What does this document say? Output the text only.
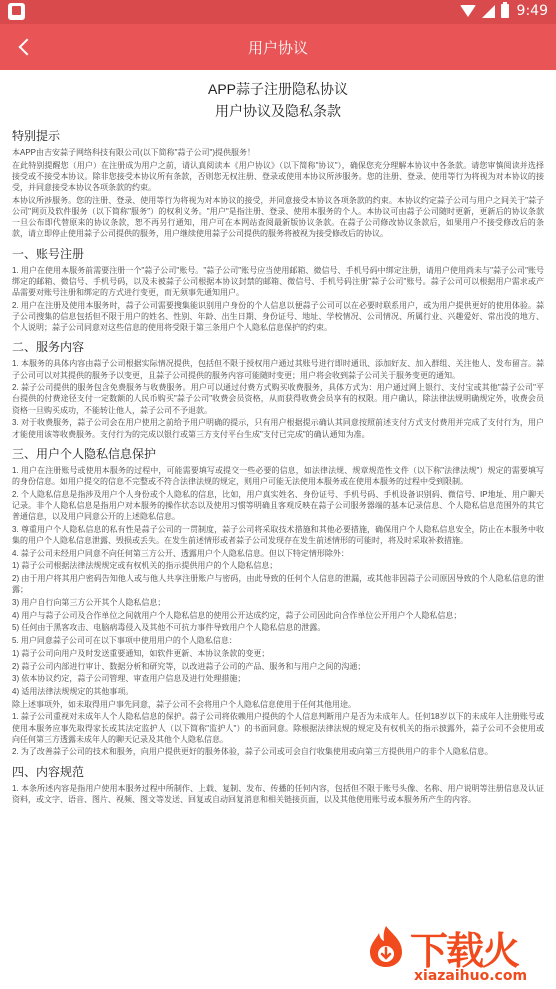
9:49
用户协议
APP蒜子注册隐私协议
用户协议及隐私条款
特别提示
本APP由吉安蒜子网络科技有限公司(以下简称"蒜子公司")提供服务！
在此特别提醒您（用户）在注册成为用户之前，请认真阅读本《用户协议》（以下简称"协议"），确保您充分理解本协议中各条款。请您审慎阅读并选择接受或不接受本协议。除非您接受本协议所有条款，否则您无权注册、登录或使用本协议所涉服务。您的注册、登录、使用等行为将视为对本协议的接受，并同意接受本协议各项条款的约束。
本协议所涉服务。您的注册、登录、使用等行为将视为对本协议的接受，并同意接受本协议各项条款的约束。本协议约定蒜子公司与用户之间关于"蒜子公司"网页及软件服务（以下简称"服务"）的权利义务。"用户"是指注册、登录、使用本服务的个人。本协议可由蒜子公司随时更新，更新后的协议条款一旦公布即代替原来的协议条款，恕不再另行通知，用户可在本网站查阅最新版协议条款。在蒜子公司修改协议条款后，如果用户不接受修改后的条款，请立即停止使用蒜子公司提供的服务，用户继续使用蒜子公司提供的服务将被视为接受修改后的协议。
一、账号注册
1. 用户在使用本服务前需要注册一个"蒜子公司"账号。"蒜子公司"账号应当使用邮箱、微信号、手机号码中绑定注册，请用户使用尚未与"蒜子公司"账号绑定的邮箱、微信号、手机号码，以及未被蒜子公司根据本协议封禁的邮箱、微信号、手机号码注册"蒜子公司"账号。蒜子公司可以根据用户需求或产品需要对账号注册和绑定的方式进行变更，而无须事先通知用户。
2. 用户在注册及使用本服务时，蒜子公司需要搜集能识别用户身份的个人信息以便蒜子公司可以在必要时联系用户，或为用户提供更好的使用体验。蒜子公司搜集的信息包括但不限于用户的姓名、性别、年龄、出生日期、身份证号、地址、学校情况、公司情况、所属行业、兴趣爱好、常出没的地方、个人说明；蒜子公司同意对这些信息的使用将受限于第三条用户个人隐私信息保护的约束。
二、服务内容
1. 本服务的具体内容由蒜子公司根据实际情况提供，包括但不限于授权用户通过其账号进行即时通讯、添加好友、加入群组、关注他人、发布留言。蒜子公司可以对其提供的服务予以变更，且蒜子公司提供的服务内容可能随时变更；用户将会收到蒜子公司关于服务变更的通知。
2. 蒜子公司提供的服务包含免费服务与收费服务。用户可以通过付费方式购买收费服务，具体方式为：用户通过网上银行、支付宝或其他"蒜子公司"平台提供的付费途径支付一定数额的人民币购买"蒜子公司"收费会员资格，从而获得收费会员享有的权限。用户确认，除法律法规明确规定外，收费会员资格一旦购买成功，不能转让他人，蒜子公司不予退款。
3. 对于收费服务，蒜子公司会在用户使用之前给予用户明确的提示，只有用户根据提示确认其同意按照前述支付方式支付费用并完成了支付行为，用户才能使用该等收费服务。支付行为的完成以银行或第三方支付平台生成"支付已完成"的确认通知为准。
三、用户个人隐私信息保护
1. 用户在注册账号或使用本服务的过程中，可能需要填写或提交一些必要的信息，如法律法规、规章规范性文件（以下称"法律法规"）规定的需要填写的身份信息。如用户提交的信息不完整或不符合法律法规的规定，则用户可能无法使用本服务或在使用本服务的过程中受到限制。
2. 个人隐私信息是指涉及用户个人身份或个人隐私的信息，比如，用户真实姓名、身份证号、手机号码、手机设备识别码、微信号、IP地址、用户聊天记录。非个人隐私信息是指用户对本服务的操作状态以及使用习惯等明确且客观反映在蒜子公司服务器端的基本记录信息、个人隐私信息范围外的其它普通信息，以及用户同意公开的上述隐私信息。
3. 尊重用户个人隐私信息的私有性是蒜子公司的一贯制度，蒜子公司将采取技术措施和其他必要措施，确保用户个人隐私信息安全，防止在本服务中收集的用户个人隐私信息泄露、毁损或丢失。在发生前述情形或者蒜子公司发现存在发生前述情形的可能时，将及时采取补救措施。
4. 蒜子公司未经用户同意不向任何第三方公开、透露用户个人隐私信息。但以下特定情形除外：
1) 蒜子公司根据法律法规规定或有权机关的指示提供用户的个人隐私信息；
2) 由于用户将其用户密码告知他人或与他人共享注册账户与密码，由此导致的任何个人信息的泄漏，或其他非因蒜子公司原因导致的个人隐私信息的泄露；
3) 用户自行向第三方公开其个人隐私信息；
4) 用户与蒜子公司及合作单位之间就用户个人隐私信息的使用公开达成约定，蒜子公司因此向合作单位公开用户个人隐私信息；
5) 任何由于黑客攻击、电脑病毒侵入及其他不可抗力事件导致用户个人隐私信息的泄露。
5. 用户同意蒜子公司可在以下事项中使用用户的个人隐私信息：
1) 蒜子公司向用户及时发送重要通知，如软件更新、本协议条款的变更；
2) 蒜子公司内部进行审计、数据分析和研究等，以改进蒜子公司的产品、服务和与用户之间的沟通；
3) 依本协议约定，蒜子公司管理、审查用户信息及进行处理措施；
4) 适用法律法规规定的其他事项。
除上述事项外，如未取得用户事先同意，蒜子公司不会将用户个人隐私信息使用于任何其他用途。
1. 蒜子公司重视对未成年人个人隐私信息的保护。蒜子公司将依赖用户提供的个人信息判断用户是否为未成年人。任何18岁以下的未成年人注册账号或使用本服务应事先取得家长或其法定监护人（以下简称"监护人"）的书面同意。除根据法律法规的规定及有权机关的指示披露外，蒜子公司不会使用或向任何第三方透露未成年人的聊天记录及其他个人隐私信息。
2. 为了改善蒜子公司的技术和服务，向用户提供更好的服务体验，蒜子公司或可会自行收集使用或向第三方提供用户的非个人隐私信息。
四、内容规范
1. 本条所述内容是指用户使用本服务过程中所制作、上载、复制、发布、传播的任何内容，包括但不限于账号头像、名称、用户说明等注册信息及认证资料，或文字、语音、图片、视频、图文等发送、回复或自动回复消息和相关链接页面，以及其他使用账号或本服务所产生的内容。
下载火
xiazaihuo.com
